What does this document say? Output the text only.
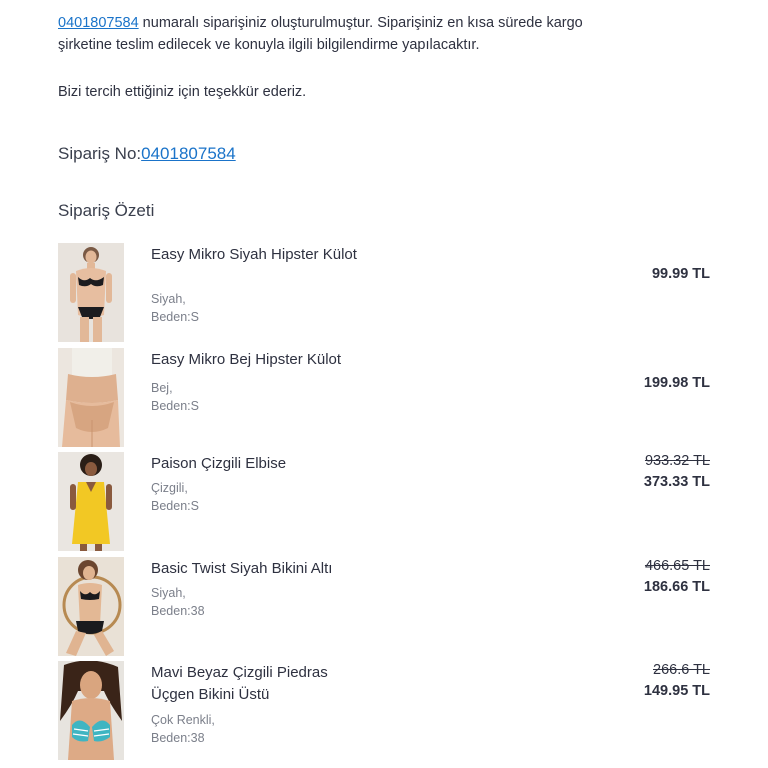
0401807584 numaralı siparişiniz oluşturulmuştur. Siparişiniz en kısa sürede kargo şirketine teslim edilecek ve konuyla ilgili bilgilendirme yapılacaktır.
Bizi tercih ettiğiniz için teşekkür ederiz.
Sipariş No:0401807584
Sipariş Özeti
Easy Mikro Siyah Hipster Külot
Siyah,
Beden:S
99.99 TL
Easy Mikro Bej Hipster Külot
Bej,
Beden:S
199.98 TL
Paison Çizgili Elbise
Çizgili,
Beden:S
933.32 TL
373.33 TL
Basic Twist Siyah Bikini Altı
Siyah,
Beden:38
466.65 TL
186.66 TL
Mavi Beyaz Çizgili Piedras Üçgen Bikini Üstü
Çok Renkli,
Beden:38
266.6 TL
149.95 TL
